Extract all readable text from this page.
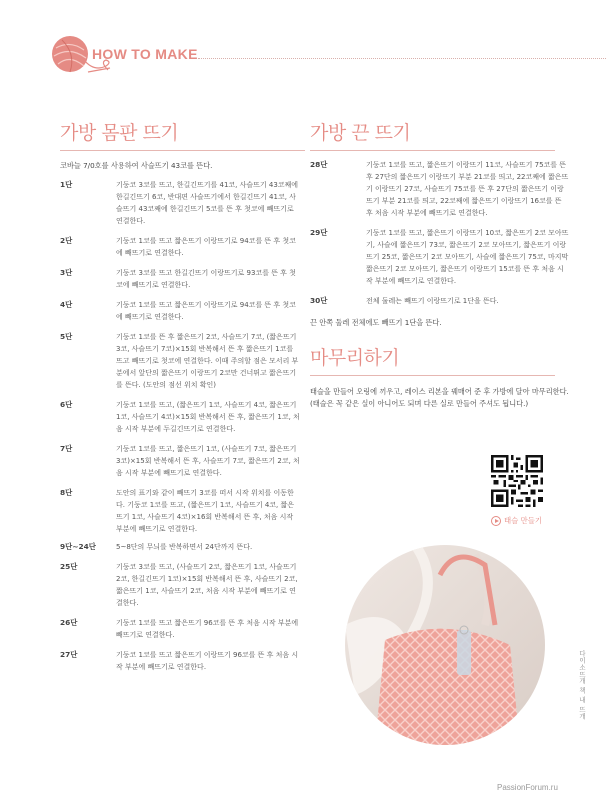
HOW TO MAKE
가방 몸판 뜨기
코바늘 7/0호를 사용하여 사슬뜨기 43코를 뜬다.
1단	기둥코 3코를 뜨고, 한길긴뜨기를 41코, 사슬뜨기 43코째에 한길긴뜨기 6코, 반대편 사슬뜨기에서 한길긴뜨기 41코, 사슬뜨기 43코째에 한길긴뜨기 5코를 뜬 후 첫코에 빼뜨기로 연결한다.
2단	기둥코 1코를 뜨고 짧은뜨기 이랑뜨기로 94코를 뜬 후 첫코에 빼뜨기로 연결한다.
3단	기둥코 3코를 뜨고 한길긴뜨기 이랑뜨기로 93코를 뜬 후 첫코에 빼뜨기로 연결한다.
4단	기둥코 1코를 뜨고 짧은뜨기 이랑뜨기로 94코를 뜬 후 첫코에 빼뜨기로 연결한다.
5단	기둥코 1코를 뜬 후 짧은뜨기 2코, 사슬뜨기 7코, (짧은뜨기 3코, 사슬뜨기 7코)×15회 반복해서 뜬 후 짧은뜨기 1코를 뜨고 빼뜨기로 첫코에 연결한다. 이때 주의할 점은 모서리 부분에서 앞단의 짧은뜨기 이랑뜨기 2코만 건너뛰고 짧은뜨기를 뜬다. (도안의 점선 위치 확인)
6단	기둥코 1코를 뜨고, (짧은뜨기 1코, 사슬뜨기 4코, 짧은뜨기 1코, 사슬뜨기 4코)×15회 반복해서 뜬 후, 짧은뜨기 1코, 처음 시작 부분에 두길긴뜨기로 연결한다.
7단	기둥코 1코를 뜨고, 짧은뜨기 1코, (사슬뜨기 7코, 짧은뜨기 3코)×15회 반복해서 뜬 후, 사슬뜨기 7코, 짧은뜨기 2코, 처음 시작 부분에 빼뜨기로 연결한다.
8단	도안의 표기와 같이 빼뜨기 3코를 떠서 시작 위치를 이동한다. 기둥코 1코를 뜨고, (짧은뜨기 1코, 사슬뜨기 4코, 짧은뜨기 1코, 사슬뜨기 4코)×16회 반복해서 뜬 후, 처음 시작 부분에 빼뜨기로 연결한다.
9단~24단	5~8단의 무늬를 반복하면서 24단까지 뜬다.
25단	기둥코 3코를 뜨고, (사슬뜨기 2코, 짧은뜨기 1코, 사슬뜨기 2코, 한길긴뜨기 1코)×15회 반복해서 뜬 후, 사슬뜨기 2코, 짧은뜨기 1코, 사슬뜨기 2코, 처음 시작 부분에 빼뜨기로 연결한다.
26단	기둥코 1코를 뜨고 짧은뜨기 96코를 뜬 후 처음 시작 부분에 빼뜨기로 연결한다.
27단	기둥코 1코를 뜨고 짧은뜨기 이랑뜨기 96코를 뜬 후 처음 시작 부분에 빼뜨기로 연결한다.
가방 끈 뜨기
28단	기둥코 1코를 뜨고, 짧은뜨기 이랑뜨기 11코, 사슬뜨기 75코를 뜬 후 27단의 짧은뜨기 이랑뜨기 부분 21코를 띄고, 22코째에 짧은뜨기 이랑뜨기 27코, 사슬뜨기 75코를 뜬 후 27단의 짧은뜨기 이랑뜨기 부분 21코를 띄고, 22코째에 짧은뜨기 이랑뜨기 16코를 뜬 후 처음 시작 부분에 빼뜨기로 연결한다.
29단	기둥코 1코를 뜨고, 짧은뜨기 이랑뜨기 10코, 짧은뜨기 2코 모아뜨기, 사슬에 짧은뜨기 73코, 짧은뜨기 2코 모아뜨기, 짧은뜨기 이랑뜨기 25코, 짧은뜨기 2코 모아뜨기, 사슬에 짧은뜨기 75코, 마지막 짧은뜨기 2코 모아뜨기, 짧은뜨기 이랑뜨기 15코를 뜬 후 처음 시작 부분에 빼뜨기로 연결한다.
30단	전체 둘레는 빼뜨기 이랑뜨기로 1단을 뜬다.
끈 안쪽 둘레 전체에도 빼뜨기 1단을 뜬다.
마무리하기
태슬을 만들어 오링에 끼우고, 레이스 리본을 꿰매어 준 후 가방에 달아 마무리한다. (태슬은 꼭 같은 실이 아니어도 되며 다른 실로 만들어 주셔도 됩니다.)
태슬 만들기
다이소뜨개 책 내 뜨개
PassionForum.ru
